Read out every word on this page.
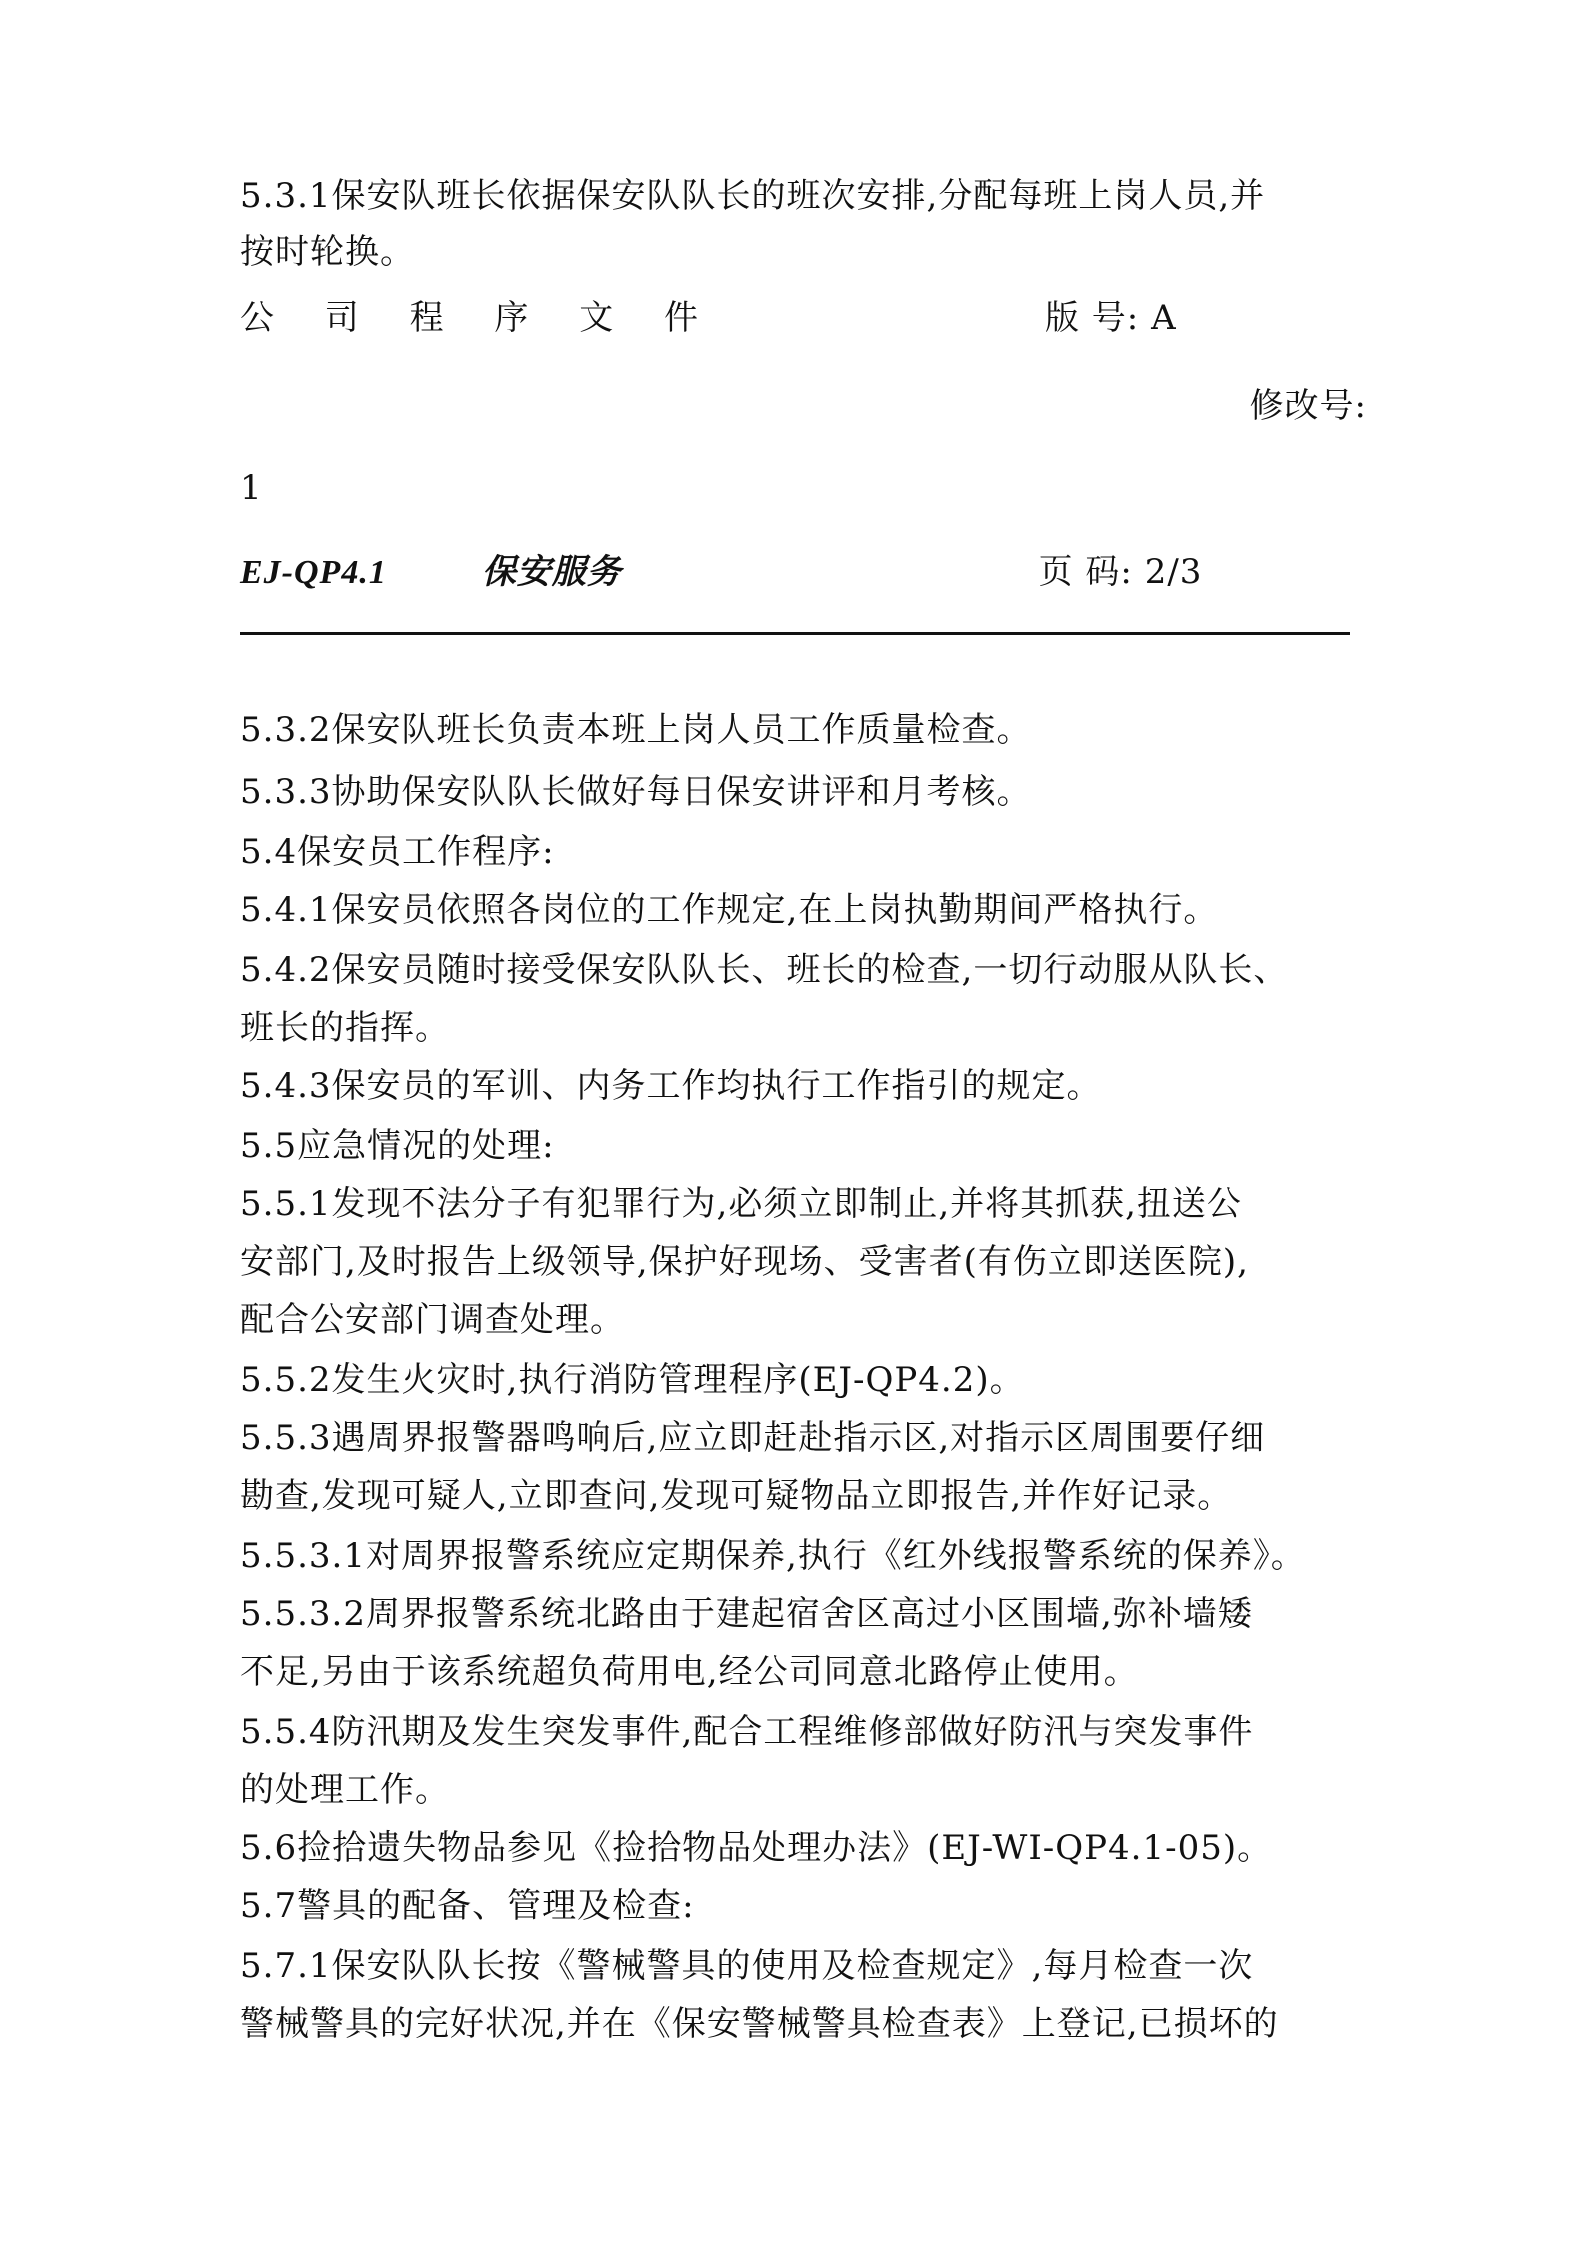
5.3.1保安队班长依据保安队队长的班次安排,分配每班上岗人员,并
按时轮换。
公 司 程 序 文 件	版 号: A
修改号:
1
EJ-QP4.1	保安服务	页 码: 2/3
5.3.2保安队班长负责本班上岗人员工作质量检查。
5.3.3协助保安队队长做好每日保安讲评和月考核。
5.4保安员工作程序:
5.4.1保安员依照各岗位的工作规定,在上岗执勤期间严格执行。
5.4.2保安员随时接受保安队队长、班长的检查,一切行动服从队长、
班长的指挥。
5.4.3保安员的军训、内务工作均执行工作指引的规定。
5.5应急情况的处理:
5.5.1发现不法分子有犯罪行为,必须立即制止,并将其抓获,扭送公
安部门,及时报告上级领导,保护好现场、受害者(有伤立即送医院),
配合公安部门调查处理。
5.5.2发生火灾时,执行消防管理程序(EJ-QP4.2)。
5.5.3遇周界报警器鸣响后,应立即赶赴指示区,对指示区周围要仔细
勘查,发现可疑人,立即查问,发现可疑物品立即报告,并作好记录。
5.5.3.1对周界报警系统应定期保养,执行《红外线报警系统的保养》。
5.5.3.2周界报警系统北路由于建起宿舍区高过小区围墙,弥补墙矮
不足,另由于该系统超负荷用电,经公司同意北路停止使用。
5.5.4防汛期及发生突发事件,配合工程维修部做好防汛与突发事件
的处理工作。
5.6捡拾遗失物品参见《捡拾物品处理办法》(EJ-WI-QP4.1-05)。
5.7警具的配备、管理及检查:
5.7.1保安队队长按《警械警具的使用及检查规定》,每月检查一次
警械警具的完好状况,并在《保安警械警具检查表》上登记,已损坏的
